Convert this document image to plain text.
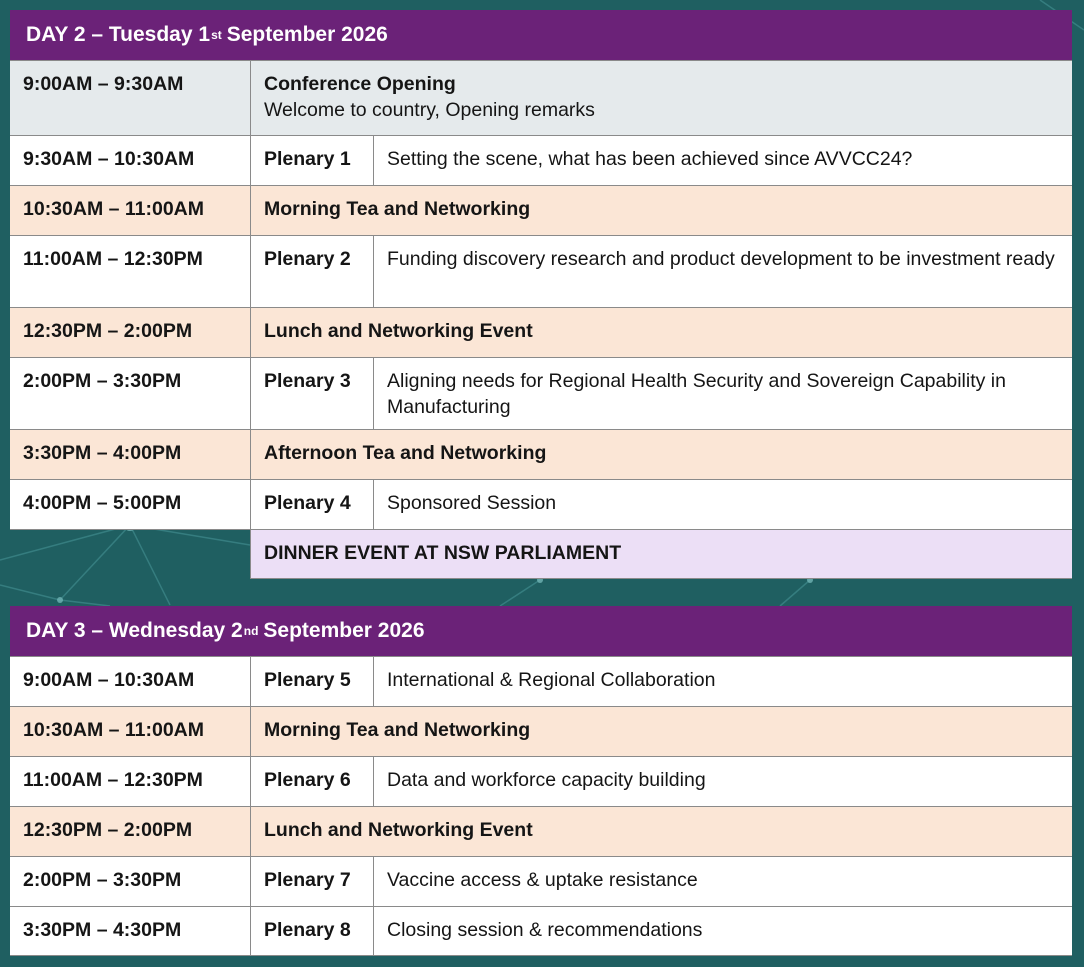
DAY 2 – Tuesday 1 st September 2026
9:00AM – 9:30AM	Conference Opening
Welcome to country, Opening remarks
9:30AM – 10:30AM	Plenary 1	Setting the scene, what has been achieved since AVVCC24?
10:30AM – 11:00AM	Morning Tea and Networking
11:00AM – 12:30PM	Plenary 2	Funding discovery research and product development to be investment ready
12:30PM – 2:00PM	Lunch and Networking Event
2:00PM – 3:30PM	Plenary 3	Aligning needs for Regional Health Security and Sovereign Capability in Manufacturing
3:30PM – 4:00PM	Afternoon Tea and Networking
4:00PM – 5:00PM	Plenary 4	Sponsored Session
DINNER EVENT AT NSW PARLIAMENT
DAY 3 – Wednesday 2 nd September 2026
9:00AM – 10:30AM	Plenary 5	International & Regional Collaboration
10:30AM – 11:00AM	Morning Tea and Networking
11:00AM – 12:30PM	Plenary 6	Data and workforce capacity building
12:30PM – 2:00PM	Lunch and Networking Event
2:00PM – 3:30PM	Plenary 7	Vaccine access & uptake resistance
3:30PM – 4:30PM	Plenary 8	Closing session & recommendations
